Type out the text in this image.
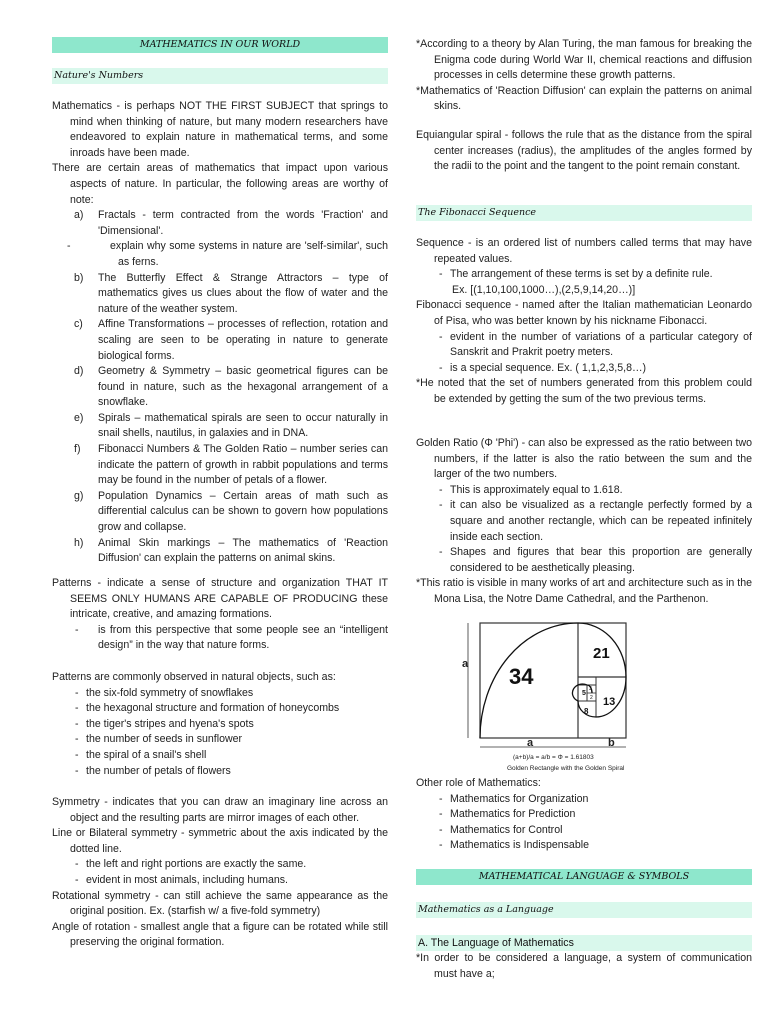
MATHEMATICS IN OUR WORLD
Nature's Numbers

Mathematics - is perhaps NOT THE FIRST SUBJECT that springs to mind when thinking of nature, but many modern researchers have endeavored to explain nature in mathematical terms, and some inroads have been made.

There are certain areas of mathematics that impact upon various aspects of nature. In particular, the following areas are worthy of note:

a) Fractals - term contracted from the words 'Fraction' and 'Dimensional'.
- explain why some systems in nature are 'self-similar', such as ferns.
b) The Butterfly Effect & Strange Attractors – type of mathematics gives us clues about the flow of water and the nature of the weather system.
c) Affine Transformations – processes of reflection, rotation and scaling are seen to be operating in nature to generate biological forms.
d) Geometry & Symmetry – basic geometrical figures can be found in nature, such as the hexagonal arrangement of a snowflake.
e) Spirals – mathematical spirals are seen to occur naturally in snail shells, nautilus, in galaxies and in DNA.
f) Fibonacci Numbers & The Golden Ratio – number series can indicate the pattern of growth in rabbit populations and terms may be found in the number of petals of a flower.
g) Population Dynamics – Certain areas of math such as differential calculus can be shown to govern how populations grow and collapse.
h) Animal Skin markings – The mathematics of 'Reaction Diffusion' can explain the patterns on animal skins.

Patterns - indicate a sense of structure and organization THAT IT SEEMS ONLY HUMANS ARE CAPABLE OF PRODUCING these intricate, creative, and amazing formations.

- is from this perspective that some people see an “intelligent design” in the way that nature forms.

Patterns are commonly observed in natural objects, such as:

- the six-fold symmetry of snowflakes
- the hexagonal structure and formation of honeycombs
- the tiger's stripes and hyena's spots
- the number of seeds in sunflower
- the spiral of a snail's shell
- the number of petals of flowers

Symmetry - indicates that you can draw an imaginary line across an object and the resulting parts are mirror images of each other.

Line or Bilateral symmetry - symmetric about the axis indicated by the dotted line.

- the left and right portions are exactly the same.
- evident in most animals, including humans.

Rotational symmetry - can still achieve the same appearance as the original position. Ex. (starfish w/ a five-fold symmetry)

Angle of rotation - smallest angle that a figure can be rotated while still preserving the original formation.

*According to a theory by Alan Turing, the man famous for breaking the Enigma code during World War II, chemical reactions and diffusion processes in cells determine these growth patterns.

*Mathematics of 'Reaction Diffusion' can explain the patterns on animal skins.

Equiangular spiral - follows the rule that as the distance from the spiral center increases (radius), the amplitudes of the angles formed by the radii to the point and the tangent to the point remain constant.

The Fibonacci Sequence

Sequence - is an ordered list of numbers called terms that may have repeated values.

- The arrangement of these terms is set by a definite rule.

Ex. [(1,10,100,1000…),(2,5,9,14,20…)]

Fibonacci sequence - named after the Italian mathematician Leonardo of Pisa, who was better known by his nickname Fibonacci.

- evident in the number of variations of a particular category of Sanskrit and Prakrit poetry meters.
- is a special sequence. Ex. ( 1,1,2,3,5,8…)

*He noted that the set of numbers generated from this problem could be extended by getting the sum of the two previous terms.

Golden Ratio (Φ 'Phi') - can also be expressed as the ratio between two numbers, if the latter is also the ratio between the sum and the larger of the two numbers.

- This is approximately equal to 1.618.
- it can also be visualized as a rectangle perfectly formed by a square and another rectangle, which can be repeated infinitely inside each section.
- Shapes and figures that bear this proportion are generally considered to be aesthetically pleasing.

*This ratio is visible in many works of art and architecture such as in the Mona Lisa, the Notre Dame Cathedral, and the Parthenon.

a 34
21
13
5
3
2
8
a	b
(a+b)/a = a/b = Φ = 1.61803
Golden Rectangle with the Golden Spiral

Other role of Mathematics:

- Mathematics for Organization
- Mathematics for Prediction
- Mathematics for Control
- Mathematics is Indispensable
MATHEMATICAL LANGUAGE & SYMBOLS
Mathematics as a Language
A. The Language of Mathematics

*In order to be considered a language, a system of communication must have a;
